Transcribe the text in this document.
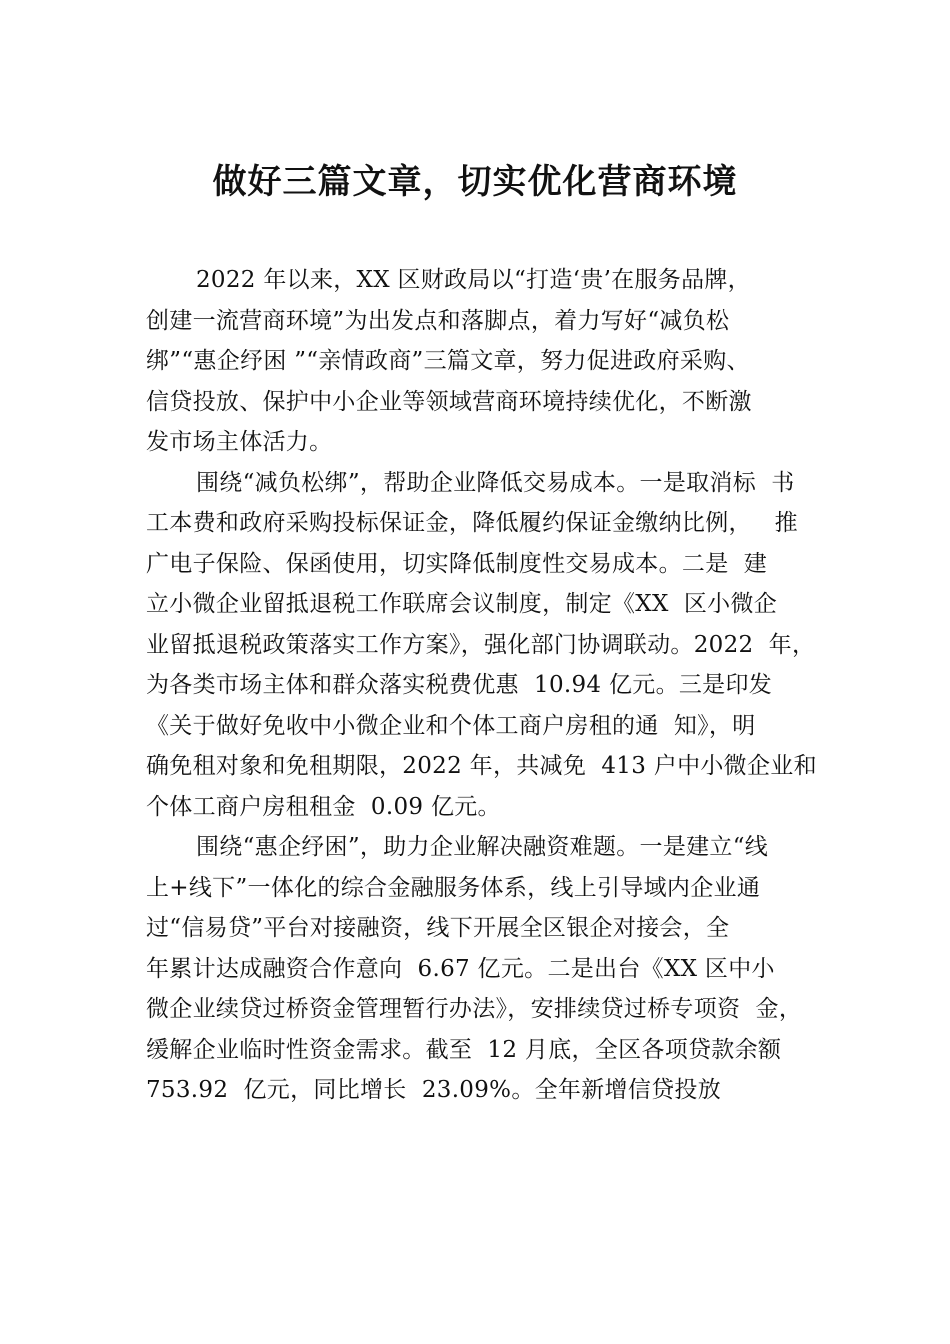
做好三篇文章，切实优化营商环境
2022 年以来，XX 区财政局以“打造‘贵’在服务品牌，
创建一流营商环境”为出发点和落脚点，着力写好“减负松
绑”“惠企纾困 ”“亲情政商”三篇文章，努力促进政府采购、
信贷投放、保护中小企业等领域营商环境持续优化，不断激
发市场主体活力。
围绕“减负松绑”，帮助企业降低交易成本。一是取消标  书
工本费和政府采购投标保证金，降低履约保证金缴纳比例，   推
广电子保险、保函使用，切实降低制度性交易成本。二是  建
立小微企业留抵退税工作联席会议制度，制定《XX  区小微企
业留抵退税政策落实工作方案》，强化部门协调联动。2022  年，
为各类市场主体和群众落实税费优惠  10.94 亿元。三是印发
《关于做好免收中小微企业和个体工商户房租的通  知》，明
确免租对象和免租期限，2022 年，共减免  413 户中小微企业和
个体工商户房租租金  0.09 亿元。
围绕“惠企纾困”，助力企业解决融资难题。一是建立“线
上+线下”一体化的综合金融服务体系，线上引导域内企业通
过“信易贷”平台对接融资，线下开展全区银企对接会，全
年累计达成融资合作意向  6.67 亿元。二是出台《XX 区中小
微企业续贷过桥资金管理暂行办法》，安排续贷过桥专项资  金，
缓解企业临时性资金需求。截至  12 月底，全区各项贷款余额
753.92  亿元，同比增长  23.09%。全年新增信贷投放
